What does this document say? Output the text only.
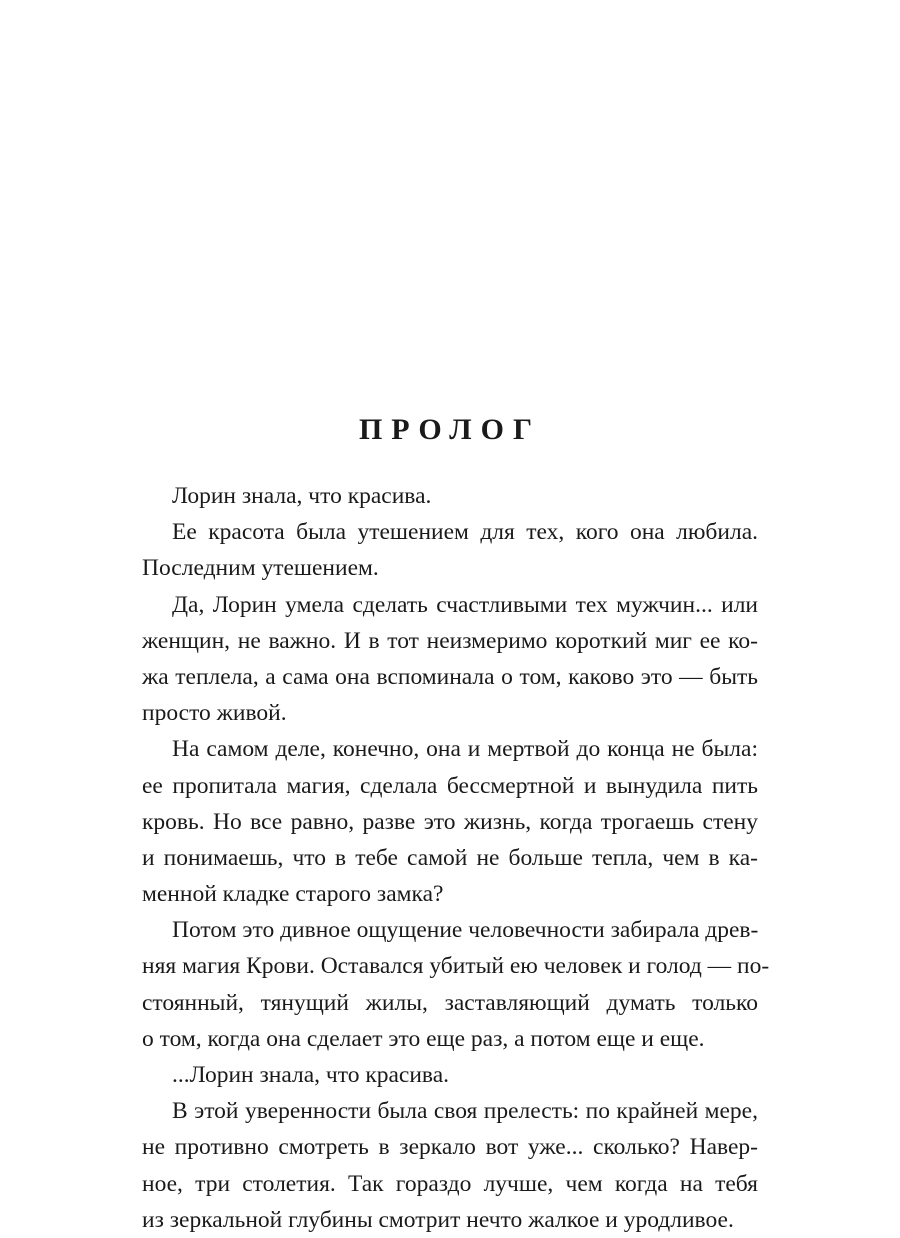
ПРОЛОГ
Лорин знала, что красива.
Ее красота была утешением для тех, кого она любила.
Последним утешением.
Да, Лорин умела сделать счастливыми тех мужчин... или
женщин, не важно. И в тот неизмеримо короткий миг ее ко-
жа теплела, а сама она вспоминала о том, каково это — быть
просто живой.
На самом деле, конечно, она и мертвой до конца не была:
ее пропитала магия, сделала бессмертной и вынудила пить
кровь. Но все равно, разве это жизнь, когда трогаешь стену
и понимаешь, что в тебе самой не больше тепла, чем в ка-
менной кладке старого замка?
Потом это дивное ощущение человечности забирала древ-
няя магия Крови. Оставался убитый ею человек и голод — по-
стоянный, тянущий жилы, заставляющий думать только
о том, когда она сделает это еще раз, а потом еще и еще.
...Лорин знала, что красива.
В этой уверенности была своя прелесть: по крайней мере,
не противно смотреть в зеркало вот уже... сколько? Навер-
ное, три столетия. Так гораздо лучше, чем когда на тебя
из зеркальной глубины смотрит нечто жалкое и уродливое.
